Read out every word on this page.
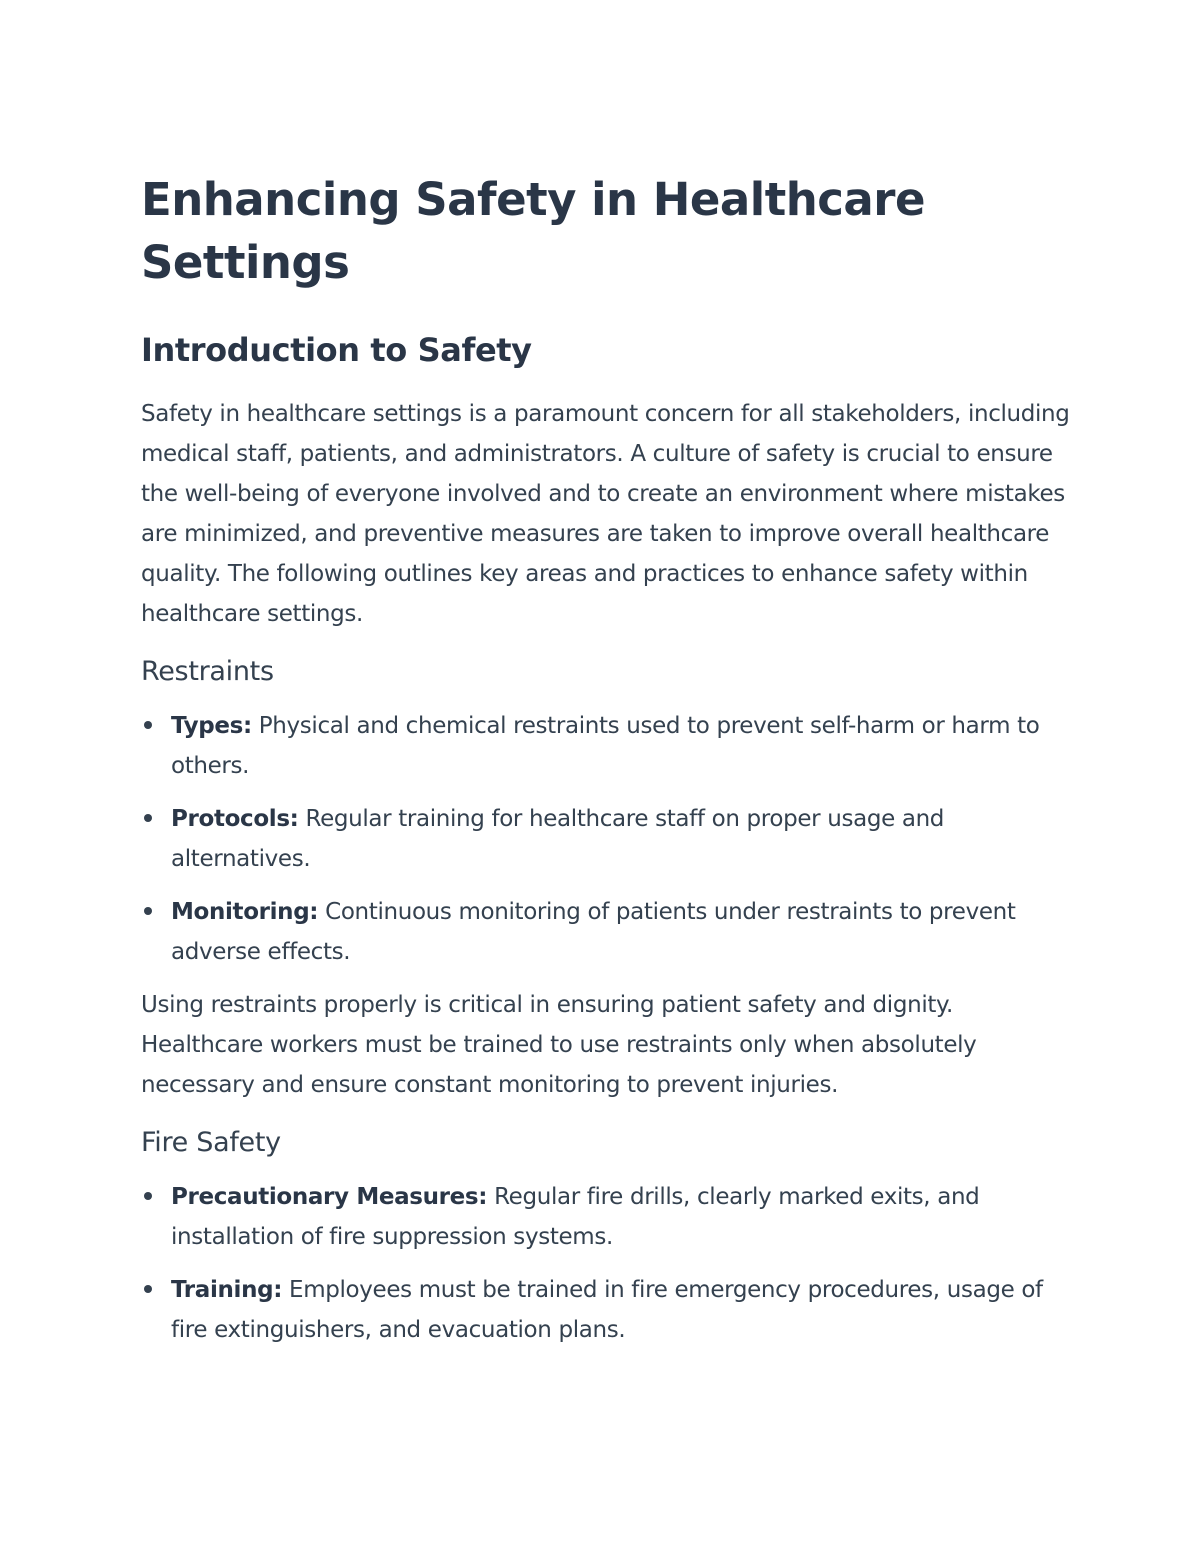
Enhancing Safety in Healthcare Settings
Introduction to Safety

Safety in healthcare settings is a paramount concern for all stakeholders, including medical staff, patients, and administrators. A culture of safety is crucial to ensure the well-being of everyone involved and to create an environment where mistakes are minimized, and preventive measures are taken to improve overall healthcare quality. The following outlines key areas and practices to enhance safety within healthcare settings.

Restraints
Types: Physical and chemical restraints used to prevent self-harm or harm to others.
Protocols: Regular training for healthcare staff on proper usage and alternatives.
Monitoring: Continuous monitoring of patients under restraints to prevent adverse effects.

Using restraints properly is critical in ensuring patient safety and dignity. Healthcare workers must be trained to use restraints only when absolutely necessary and ensure constant monitoring to prevent injuries.

Fire Safety
Precautionary Measures: Regular fire drills, clearly marked exits, and installation of fire suppression systems.
Training: Employees must be trained in fire emergency procedures, usage of fire extinguishers, and evacuation plans.
